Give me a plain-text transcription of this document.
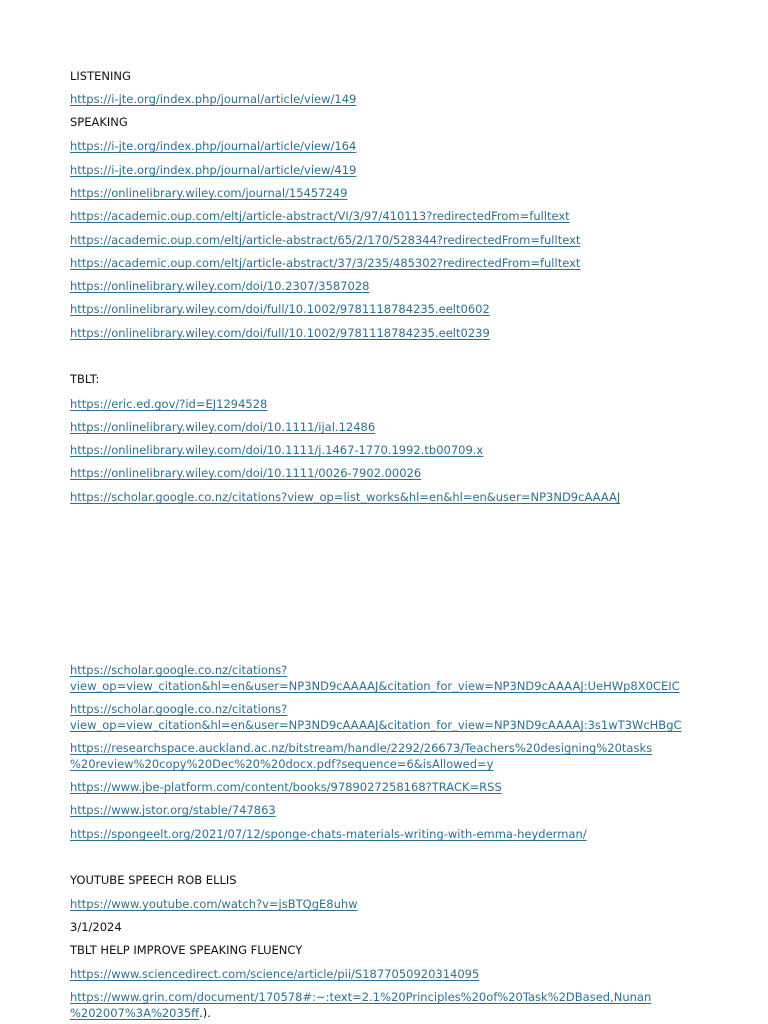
LISTENING
https://i-jte.org/index.php/journal/article/view/149
SPEAKING
https://i-jte.org/index.php/journal/article/view/164
https://i-jte.org/index.php/journal/article/view/419
https://onlinelibrary.wiley.com/journal/15457249
https://academic.oup.com/eltj/article-abstract/VI/3/97/410113?redirectedFrom=fulltext
https://academic.oup.com/eltj/article-abstract/65/2/170/528344?redirectedFrom=fulltext
https://academic.oup.com/eltj/article-abstract/37/3/235/485302?redirectedFrom=fulltext
https://onlinelibrary.wiley.com/doi/10.2307/3587028
https://onlinelibrary.wiley.com/doi/full/10.1002/9781118784235.eelt0602
https://onlinelibrary.wiley.com/doi/full/10.1002/9781118784235.eelt0239
TBLT:
https://eric.ed.gov/?id=EJ1294528
https://onlinelibrary.wiley.com/doi/10.1111/ijal.12486
https://onlinelibrary.wiley.com/doi/10.1111/j.1467-1770.1992.tb00709.x
https://onlinelibrary.wiley.com/doi/10.1111/0026-7902.00026
https://scholar.google.co.nz/citations?view_op=list_works&hl=en&hl=en&user=NP3ND9cAAAAJ
https://scholar.google.co.nz/citations?
view_op=view_citation&hl=en&user=NP3ND9cAAAAJ&citation_for_view=NP3ND9cAAAAJ:UeHWp8X0CEIC
https://scholar.google.co.nz/citations?
view_op=view_citation&hl=en&user=NP3ND9cAAAAJ&citation_for_view=NP3ND9cAAAAJ:3s1wT3WcHBgC
https://researchspace.auckland.ac.nz/bitstream/handle/2292/26673/Teachers%20designing%20tasks
%20review%20copy%20Dec%20%20docx.pdf?sequence=6&isAllowed=y
https://www.jbe-platform.com/content/books/9789027258168?TRACK=RSS
https://www.jstor.org/stable/747863
https://spongeelt.org/2021/07/12/sponge-chats-materials-writing-with-emma-heyderman/
YOUTUBE SPEECH ROB ELLIS
https://www.youtube.com/watch?v=jsBTQgE8uhw
3/1/2024
TBLT HELP IMPROVE SPEAKING FLUENCY
https://www.sciencedirect.com/science/article/pii/S1877050920314095
https://www.grin.com/document/170578#:~:text=2.1%20Principles%20of%20Task%2DBased,Nunan
%202007%3A%2035ff.).
